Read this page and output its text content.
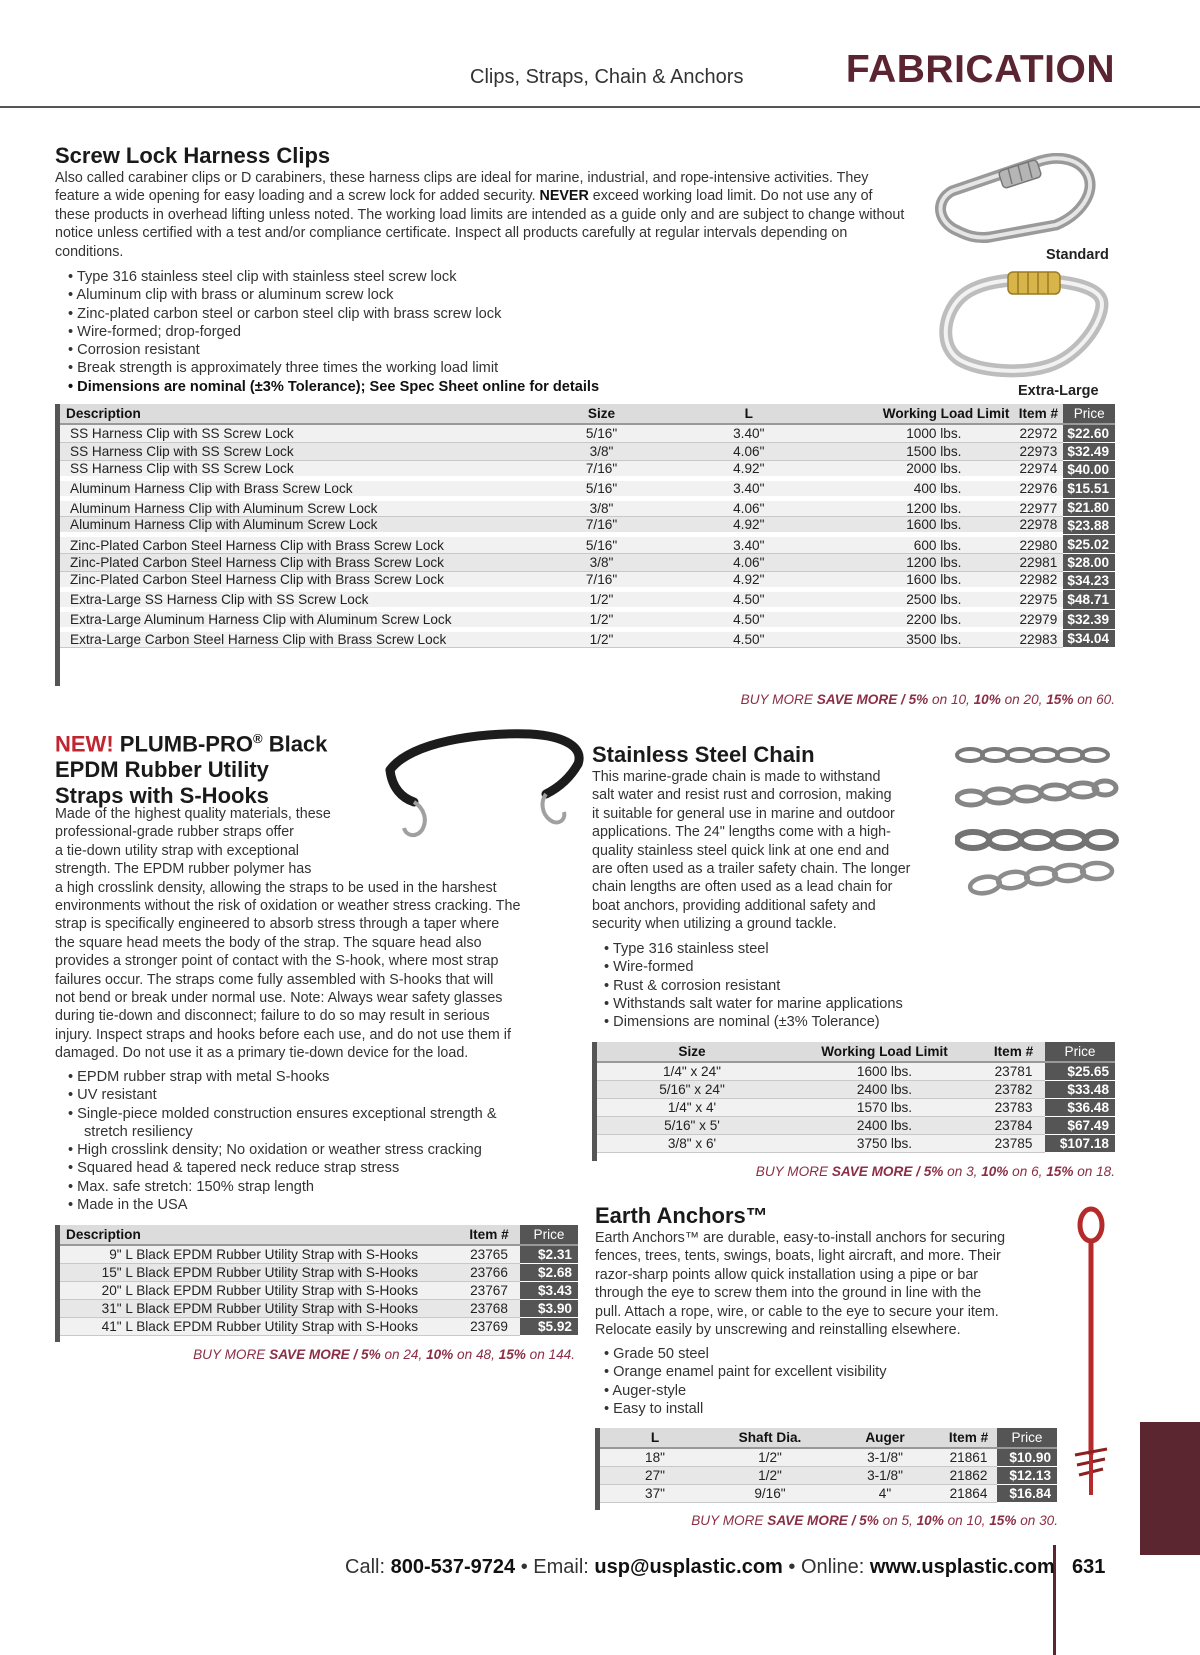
Clips, Straps, Chain & Anchors	FABRICATION
Screw Lock Harness Clips
Also called carabiner clips or D carabiners, these harness clips are ideal for marine, industrial, and rope-intensive activities. They feature a wide opening for easy loading and a screw lock for added security. NEVER exceed working load limit. Do not use any of these products in overhead lifting unless noted. The working load limits are intended as a guide only and are subject to change without notice unless certified with a test and/or compliance certificate. Inspect all products carefully at regular intervals depending on conditions.
• Type 316 stainless steel clip with stainless steel screw lock
• Aluminum clip with brass or aluminum screw lock
• Zinc-plated carbon steel or carbon steel clip with brass screw lock
• Wire-formed; drop-forged
• Corrosion resistant
• Break strength is approximately three times the working load limit
• Dimensions are nominal (±3% Tolerance); See Spec Sheet online for details
Standard
Extra-Large
Description	Size	L	Working Load Limit	Item #	Price
SS Harness Clip with SS Screw Lock	5/16"	3.40"	1000 lbs.	22972	$22.60
SS Harness Clip with SS Screw Lock	3/8"	4.06"	1500 lbs.	22973	$32.49
SS Harness Clip with SS Screw Lock	7/16"	4.92"	2000 lbs.	22974	$40.00
Aluminum Harness Clip with Brass Screw Lock	5/16"	3.40"	400 lbs.	22976	$15.51
Aluminum Harness Clip with Aluminum Screw Lock	3/8"	4.06"	1200 lbs.	22977	$21.80
Aluminum Harness Clip with Aluminum Screw Lock	7/16"	4.92"	1600 lbs.	22978	$23.88
Zinc-Plated Carbon Steel Harness Clip with Brass Screw Lock	5/16"	3.40"	600 lbs.	22980	$25.02
Zinc-Plated Carbon Steel Harness Clip with Brass Screw Lock	3/8"	4.06"	1200 lbs.	22981	$28.00
Zinc-Plated Carbon Steel Harness Clip with Brass Screw Lock	7/16"	4.92"	1600 lbs.	22982	$34.23
Extra-Large SS Harness Clip with SS Screw Lock	1/2"	4.50"	2500 lbs.	22975	$48.71
Extra-Large Aluminum Harness Clip with Aluminum Screw Lock	1/2"	4.50"	2200 lbs.	22979	$32.39
Extra-Large Carbon Steel Harness Clip with Brass Screw Lock	1/2"	4.50"	3500 lbs.	22983	$34.04
BUY MORE SAVE MORE / 5% on 10, 10% on 20, 15% on 60.
NEW! PLUMB-PRO® Black
EPDM Rubber Utility
Straps with S-Hooks
Made of the highest quality materials, these
professional-grade rubber straps offer
a tie-down utility strap with exceptional
strength. The EPDM rubber polymer has
a high crosslink density, allowing the straps to be used in the harshest
environments without the risk of oxidation or weather stress cracking. The
strap is specifically engineered to absorb stress through a taper where
the square head meets the body of the strap. The square head also
provides a stronger point of contact with the S-hook, where most strap
failures occur. The straps come fully assembled with S-hooks that will
not bend or break under normal use. Note: Always wear safety glasses
during tie-down and disconnect; failure to do so may result in serious
injury. Inspect straps and hooks before each use, and do not use them if
damaged. Do not use it as a primary tie-down device for the load.
• EPDM rubber strap with metal S-hooks
• UV resistant
• Single-piece molded construction ensures exceptional strength &
stretch resiliency
• High crosslink density; No oxidation or weather stress cracking
• Squared head & tapered neck reduce strap stress
• Max. safe stretch: 150% strap length
• Made in the USA
Description	Item #	Price
9" L Black EPDM Rubber Utility Strap with S-Hooks	23765	$2.31
15" L Black EPDM Rubber Utility Strap with S-Hooks	23766	$2.68
20" L Black EPDM Rubber Utility Strap with S-Hooks	23767	$3.43
31" L Black EPDM Rubber Utility Strap with S-Hooks	23768	$3.90
41" L Black EPDM Rubber Utility Strap with S-Hooks	23769	$5.92
BUY MORE SAVE MORE / 5% on 24, 10% on 48, 15% on 144.
Stainless Steel Chain
This marine-grade chain is made to withstand
salt water and resist rust and corrosion, making
it suitable for general use in marine and outdoor
applications. The 24" lengths come with a high-
quality stainless steel quick link at one end and
are often used as a trailer safety chain. The longer
chain lengths are often used as a lead chain for
boat anchors, providing additional safety and
security when utilizing a ground tackle.
• Type 316 stainless steel
• Wire-formed
• Rust & corrosion resistant
• Withstands salt water for marine applications
• Dimensions are nominal (±3% Tolerance)
Size	Working Load Limit	Item #	Price
1/4" x 24"	1600 lbs.	23781	$25.65
5/16" x 24"	2400 lbs.	23782	$33.48
1/4" x 4'	1570 lbs.	23783	$36.48
5/16" x 5'	2400 lbs.	23784	$67.49
3/8" x 6'	3750 lbs.	23785	$107.18
BUY MORE SAVE MORE / 5% on 3, 10% on 6, 15% on 18.
Earth Anchors™
Earth Anchors™ are durable, easy-to-install anchors for securing
fences, trees, tents, swings, boats, light aircraft, and more. Their
razor-sharp points allow quick installation using a pipe or bar
through the eye to screw them into the ground in line with the
pull. Attach a rope, wire, or cable to the eye to secure your item.
Relocate easily by unscrewing and reinstalling elsewhere.
• Grade 50 steel
• Orange enamel paint for excellent visibility
• Auger-style
• Easy to install
L	Shaft Dia.	Auger	Item #	Price
18"	1/2"	3-1/8"	21861	$10.90
27"	1/2"	3-1/8"	21862	$12.13
37"	9/16"	4"	21864	$16.84
BUY MORE SAVE MORE / 5% on 5, 10% on 10, 15% on 30.
Call: 800-537-9724 • Email: usp@usplastic.com • Online: www.usplastic.com 631
